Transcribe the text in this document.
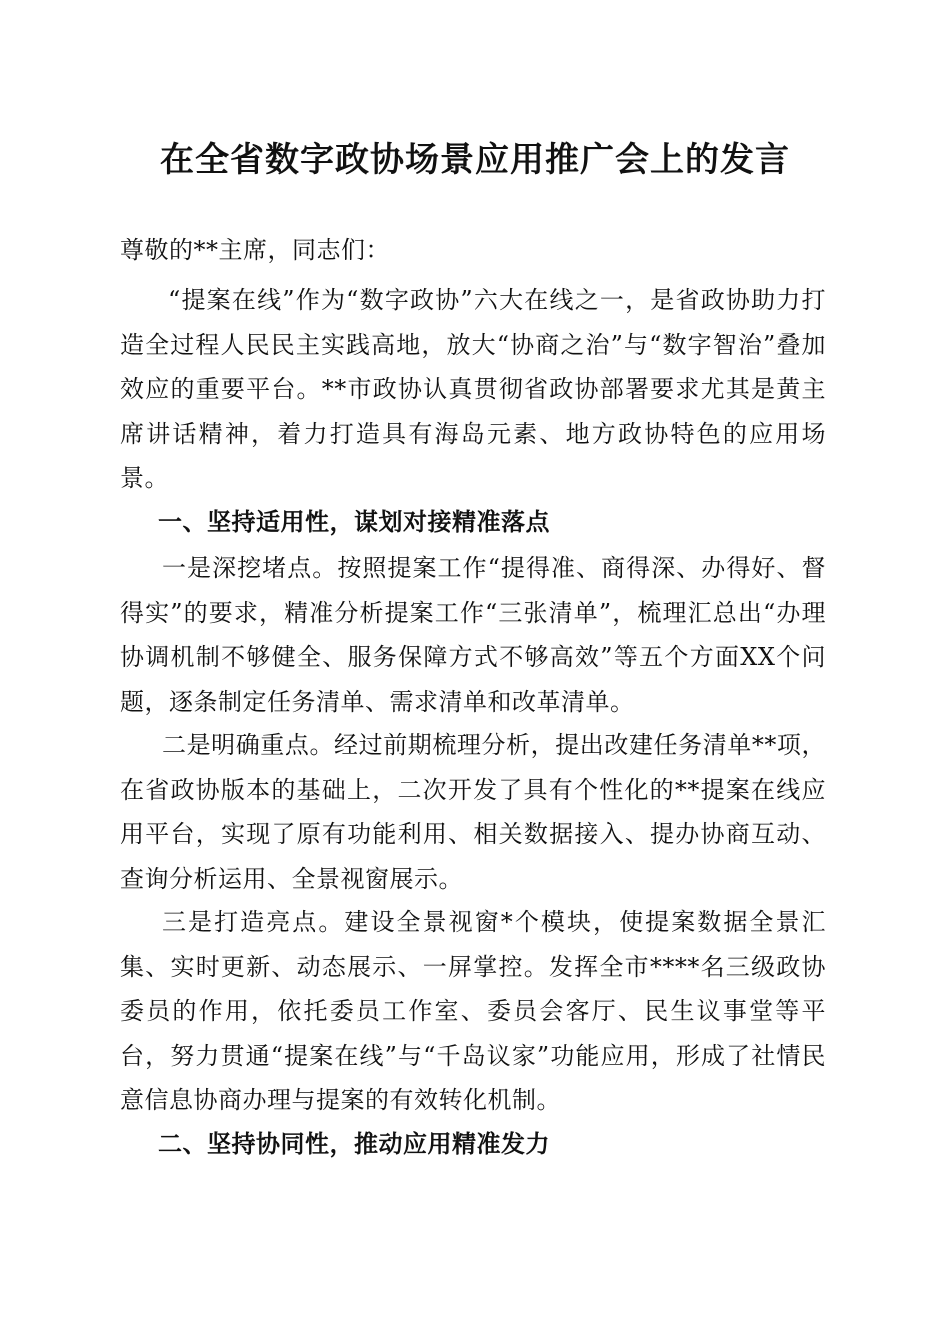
在全省数字政协场景应用推广会上的发言
尊敬的**主席，同志们：
“提案在线”作为“数字政协”六大在线之一，是省政协助力打造全过程人民民主实践高地，放大“协商之治”与“数字智治”叠加效应的重要平台。**市政协认真贯彻省政协部署要求尤其是黄主席讲话精神，着力打造具有海岛元素、地方政协特色的应用场景。
一、坚持适用性，谋划对接精准落点
一是深挖堵点。按照提案工作“提得准、商得深、办得好、督得实”的要求，精准分析提案工作“三张清单”，梳理汇总出“办理协调机制不够健全、服务保障方式不够高效”等五个方面XX个问题，逐条制定任务清单、需求清单和改革清单。
二是明确重点。经过前期梳理分析，提出改建任务清单**项，在省政协版本的基础上，二次开发了具有个性化的**提案在线应用平台，实现了原有功能利用、相关数据接入、提办协商互动、查询分析运用、全景视窗展示。
三是打造亮点。建设全景视窗*个模块，使提案数据全景汇集、实时更新、动态展示、一屏掌控。发挥全市****名三级政协委员的作用，依托委员工作室、委员会客厅、民生议事堂等平台，努力贯通“提案在线”与“千岛议家”功能应用，形成了社情民意信息协商办理与提案的有效转化机制。
二、坚持协同性，推动应用精准发力
